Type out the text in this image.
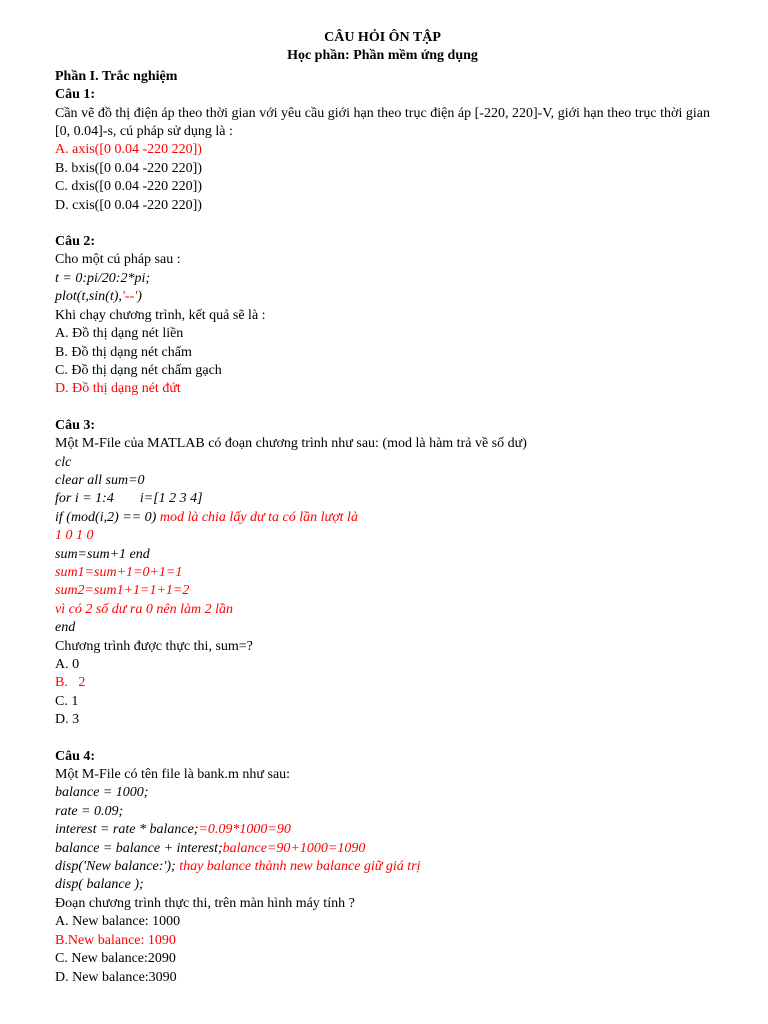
CÂU HỎI ÔN TẬP
Học phần: Phần mềm ứng dụng
Phần I. Trắc nghiệm
Câu 1:
Cần vẽ đồ thị điện áp theo thời gian với yêu cầu giới hạn theo trục điện áp [-220, 220]-V, giới hạn theo trục thời gian [0, 0.04]-s, cú pháp sử dụng là :
A. axis([0 0.04 -220 220])
B. bxis([0 0.04 -220 220])
C. dxis([0 0.04 -220 220])
D. cxis([0 0.04 -220 220])
Câu 2:
Cho một cú pháp sau :
t = 0:pi/20:2*pi;
plot(t,sin(t),'--')
Khi chạy chương trình, kết quả sẽ là :
A. Đồ thị dạng nét liền
B. Đồ thị dạng nét chấm
C. Đồ thị dạng nét chấm gạch
D. Đồ thị dạng nét đứt
Câu 3:
Một M-File của MATLAB có đoạn chương trình như sau: (mod là hàm trả về số dư)
clc
clear all sum=0
for i = 1:4 i=[1 2 3 4]
if (mod(i,2) == 0) mod là chia lấy dư ta có lần lượt là
1 0 1 0
sum=sum+1 end
sum1=sum+1=0+1=1
sum2=sum1+1=1+1=2
vì có 2 số dư ra 0 nên làm 2 lần
end
Chương trình được thực thi, sum=?
A. 0
B.   2
C. 1
D. 3
Câu 4:
Một M-File có tên file là bank.m như sau:
balance = 1000;
rate = 0.09;
interest = rate * balance;=0.09*1000=90
balance = balance + interest;balance=90+1000=1090
disp('New balance:'); thay balance thành new balance giữ giá trị
disp( balance );
Đoạn chương trình thực thi, trên màn hình máy tính ?
A. New balance: 1000
B.New balance: 1090
C. New balance:2090
D. New balance:3090
